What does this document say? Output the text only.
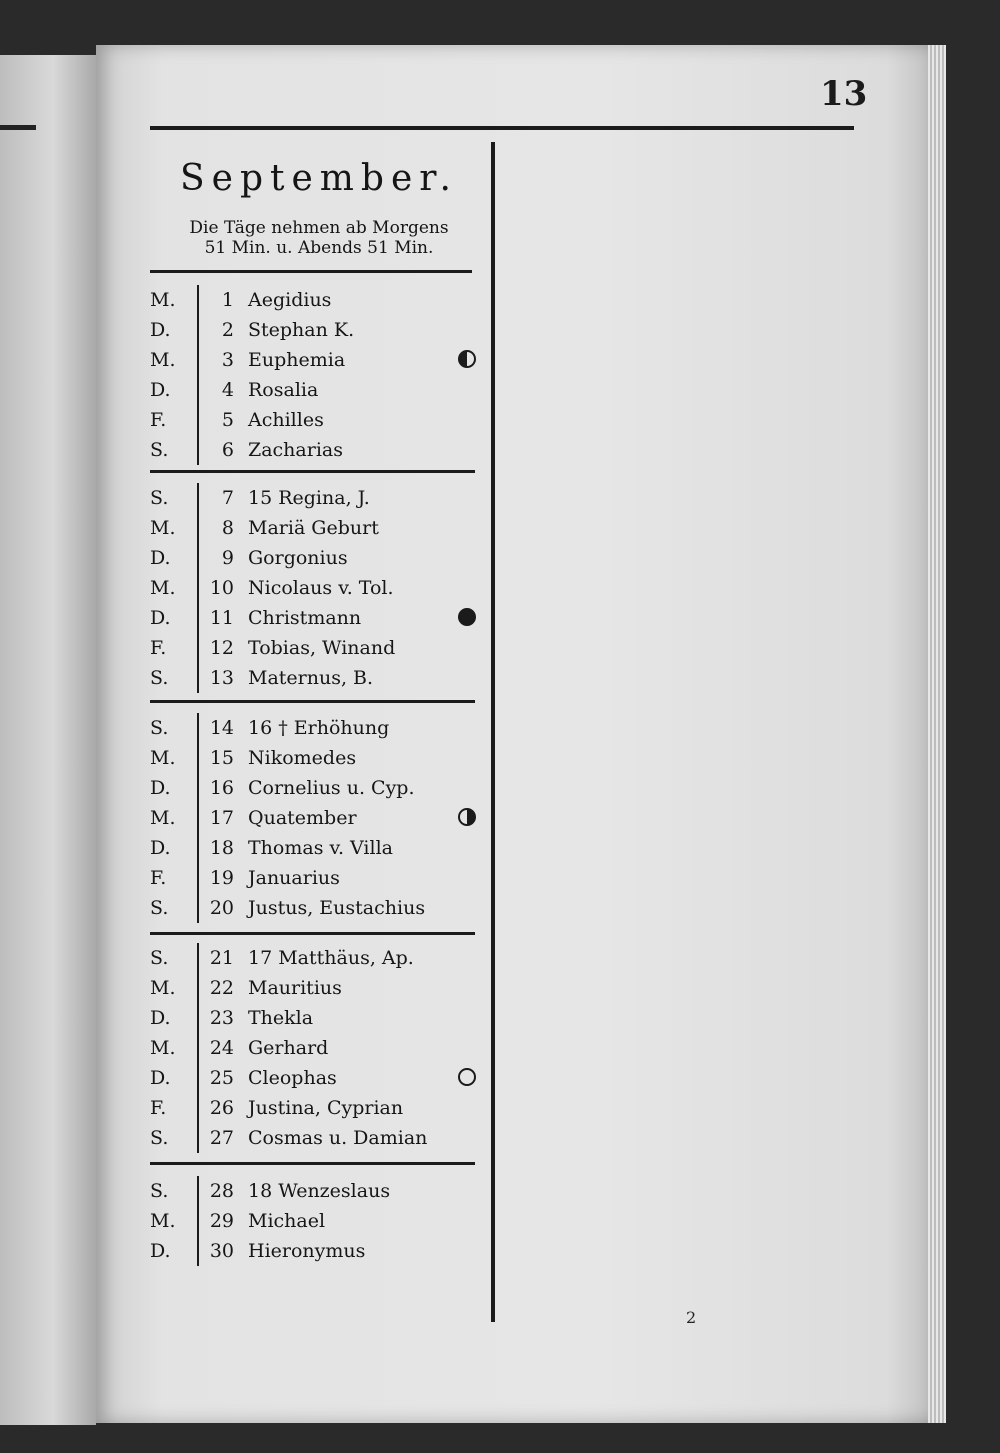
13
September.
Die Täge nehmen ab Morgens
51 Min. u. Abends 51 Min.
M.	1 Aegidius
D.	2 Stephan K.
M.	3 Euphemia
D.	4 Rosalia
F.	5 Achilles
S.	6 Zacharias
S.	7 15 Regina, J.
M.	8 Mariä Geburt
D.	9 Gorgonius
M.	10 Nicolaus v. Tol.
D.	11 Christmann
F.	12 Tobias, Winand
S.	13 Maternus, B.
S.	14 16 † Erhöhung
M.	15 Nikomedes
D.	16 Cornelius u. Cyp.
M.	17 Quatember
D.	18 Thomas v. Villa
F.	19 Januarius
S.	20 Justus, Eustachius
S.	21 17 Matthäus, Ap.
M.	22 Mauritius
D.	23 Thekla
M.	24 Gerhard
D.	25 Cleophas
F.	26 Justina, Cyprian
S.	27 Cosmas u. Damian
S.	28 18 Wenzeslaus
M.	29 Michael
D.	30 Hieronymus
2
